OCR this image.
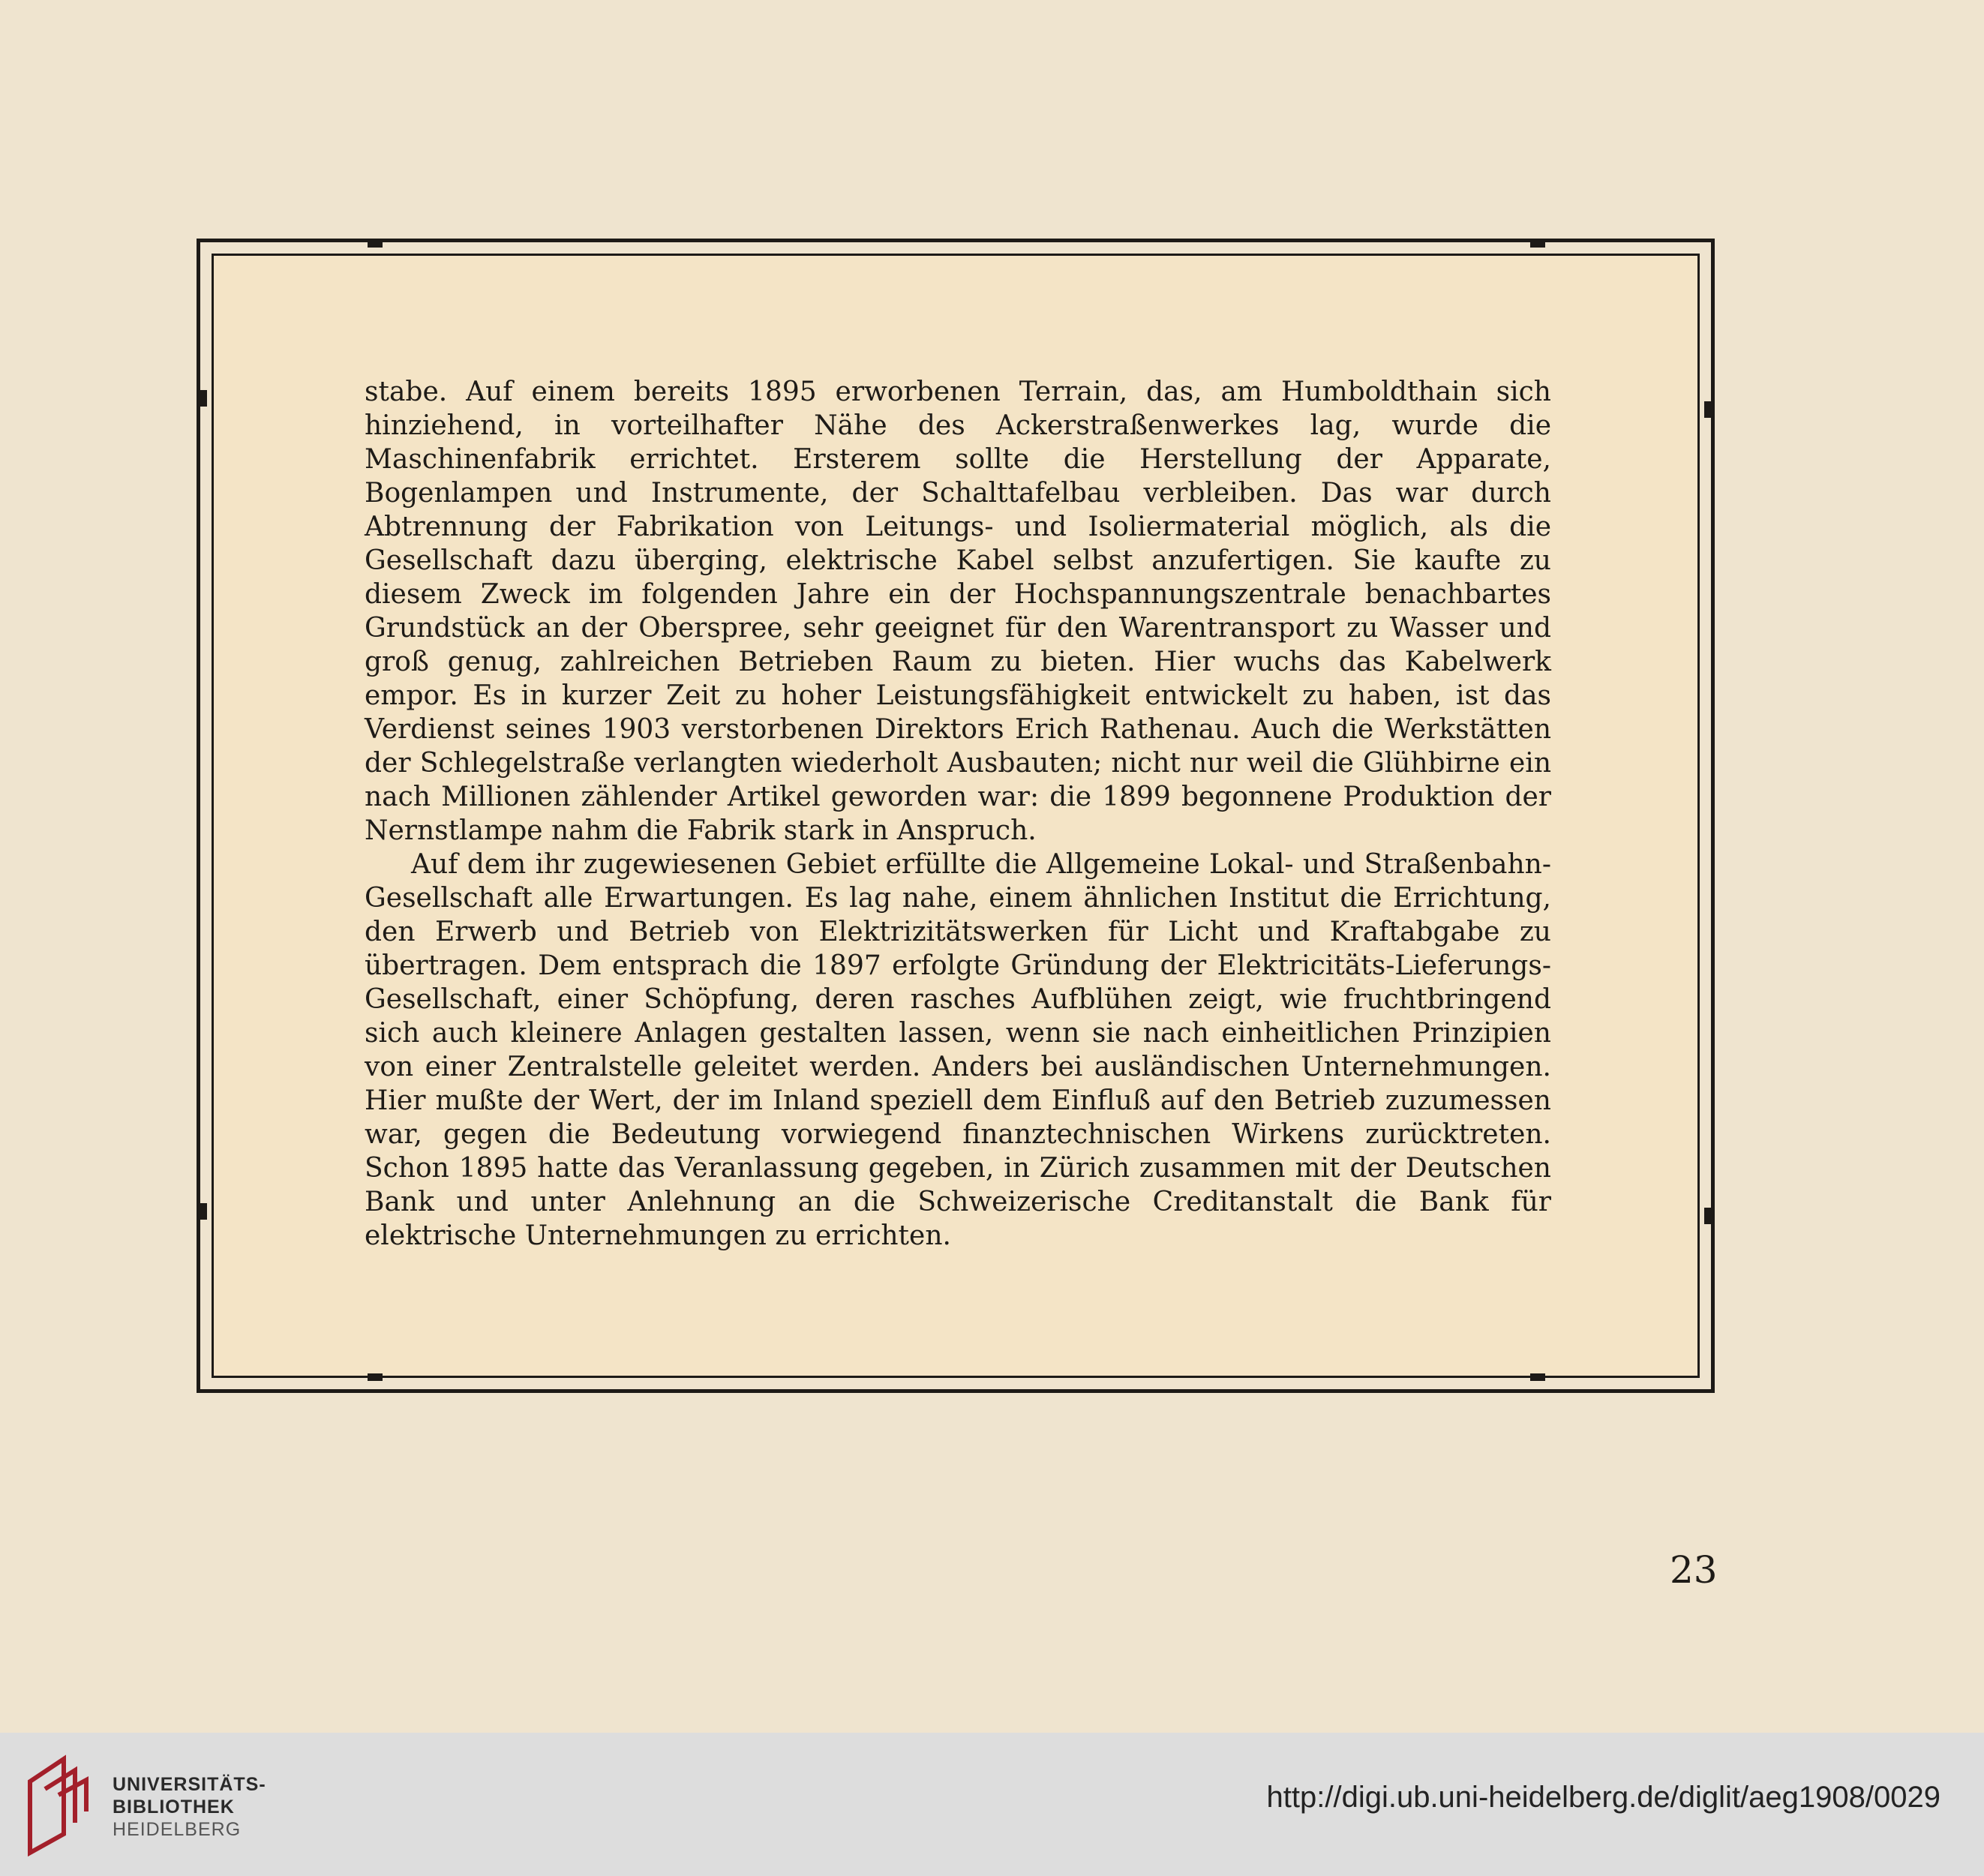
stabe. Auf einem bereits 1895 erworbenen Terrain, das, am Humboldthain sich hinziehend, in vorteilhafter Nähe des Ackerstraßenwerkes lag, wurde die Maschinenfabrik errichtet. Ersterem sollte die Herstellung der Apparate, Bogenlampen und Instrumente, der Schalttafelbau verbleiben. Das war durch Abtrennung der Fabrikation von Leitungs- und Isoliermaterial möglich, als die Gesellschaft dazu überging, elektrische Kabel selbst anzufertigen. Sie kaufte zu diesem Zweck im folgenden Jahre ein der Hochspannungszentrale benachbartes Grundstück an der Oberspree, sehr geeignet für den Warentransport zu Wasser und groß genug, zahlreichen Betrieben Raum zu bieten. Hier wuchs das Kabelwerk empor. Es in kurzer Zeit zu hoher Leistungsfähigkeit entwickelt zu haben, ist das Verdienst seines 1903 verstorbenen Direktors Erich Rathenau. Auch die Werkstätten der Schlegelstraße verlangten wiederholt Ausbauten; nicht nur weil die Glühbirne ein nach Millionen zählender Artikel geworden war: die 1899 begonnene Produktion der Nernstlampe nahm die Fabrik stark in Anspruch.

Auf dem ihr zugewiesenen Gebiet erfüllte die Allgemeine Lokal- und Straßenbahn-Gesellschaft alle Erwartungen. Es lag nahe, einem ähnlichen Institut die Errichtung, den Erwerb und Betrieb von Elektrizitätswerken für Licht und Kraftabgabe zu übertragen. Dem entsprach die 1897 erfolgte Gründung der Elektricitäts-Lieferungs-Gesellschaft, einer Schöpfung, deren rasches Aufblühen zeigt, wie fruchtbringend sich auch kleinere Anlagen gestalten lassen, wenn sie nach einheitlichen Prinzipien von einer Zentralstelle geleitet werden. Anders bei ausländischen Unternehmungen. Hier mußte der Wert, der im Inland speziell dem Einfluß auf den Betrieb zuzumessen war, gegen die Bedeutung vorwiegend finanztechnischen Wirkens zurücktreten. Schon 1895 hatte das Veranlassung gegeben, in Zürich zusammen mit der Deutschen Bank und unter Anlehnung an die Schweizerische Creditanstalt die Bank für elektrische Unternehmungen zu errichten.

23
UNIVERSITÄTS-
BIBLIOTHEK
HEIDELBERG
http://digi.ub.uni-heidelberg.de/diglit/aeg1908/0029
